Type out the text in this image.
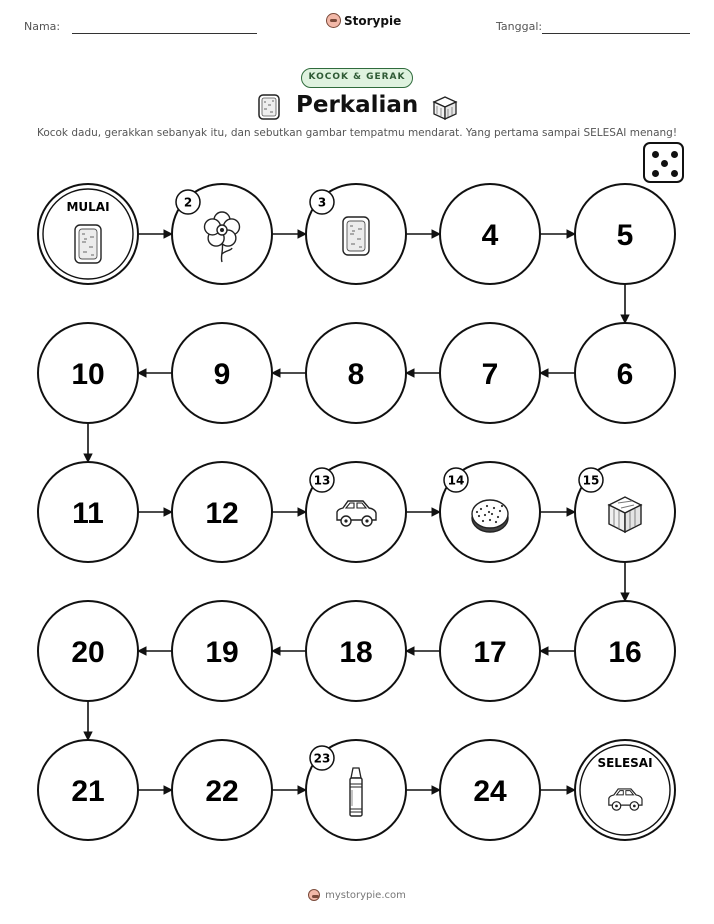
Nama:	Storypie	Tanggal:
KOCOK & GERAK
Perkalian
Kocok dadu, gerakkan sebanyak itu, dan sebutkan gambar tempatmu mendarat. Yang pertama sampai SELESAI menang!
MULAI	2	3
4	5
6
7
8
9
10
11	12
13	14	15
16
17
18
19
20
21	22
23
24
SELESAI
mystorypie.com
